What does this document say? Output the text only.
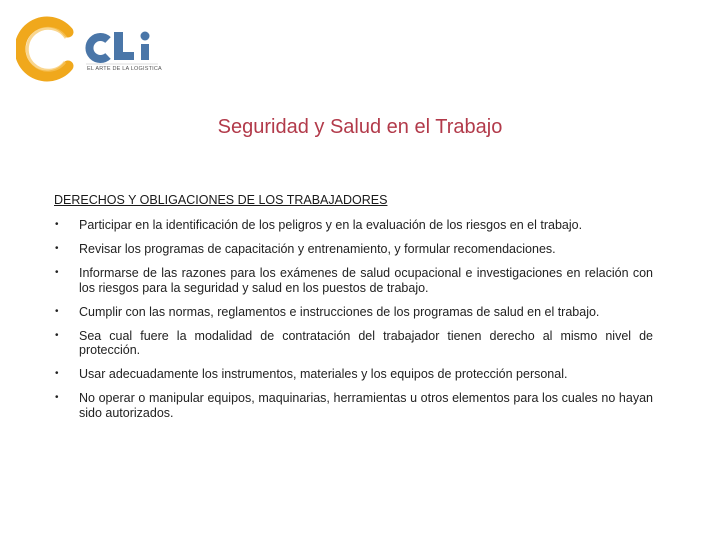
EL ARTE DE LA LOGISTICA
Seguridad y Salud en el Trabajo
DERECHOS Y OBLIGACIONES DE LOS TRABAJADORES
• Participar en la identificación de los peligros y en la evaluación de los riesgos en el trabajo.
• Revisar los programas de capacitación y entrenamiento, y formular recomendaciones.
• Informarse de las razones para los exámenes de salud ocupacional e investigaciones en relación con los riesgos para la seguridad y salud en los puestos de trabajo.
• Cumplir con las normas, reglamentos e instrucciones de los programas de salud en el trabajo.
• Sea cual fuere la modalidad de contratación del trabajador tienen derecho al mismo nivel de protección.
• Usar adecuadamente los instrumentos, materiales y los equipos de protección personal.
• No operar o manipular equipos, maquinarias, herramientas u otros elementos para los cuales no hayan sido autorizados.
